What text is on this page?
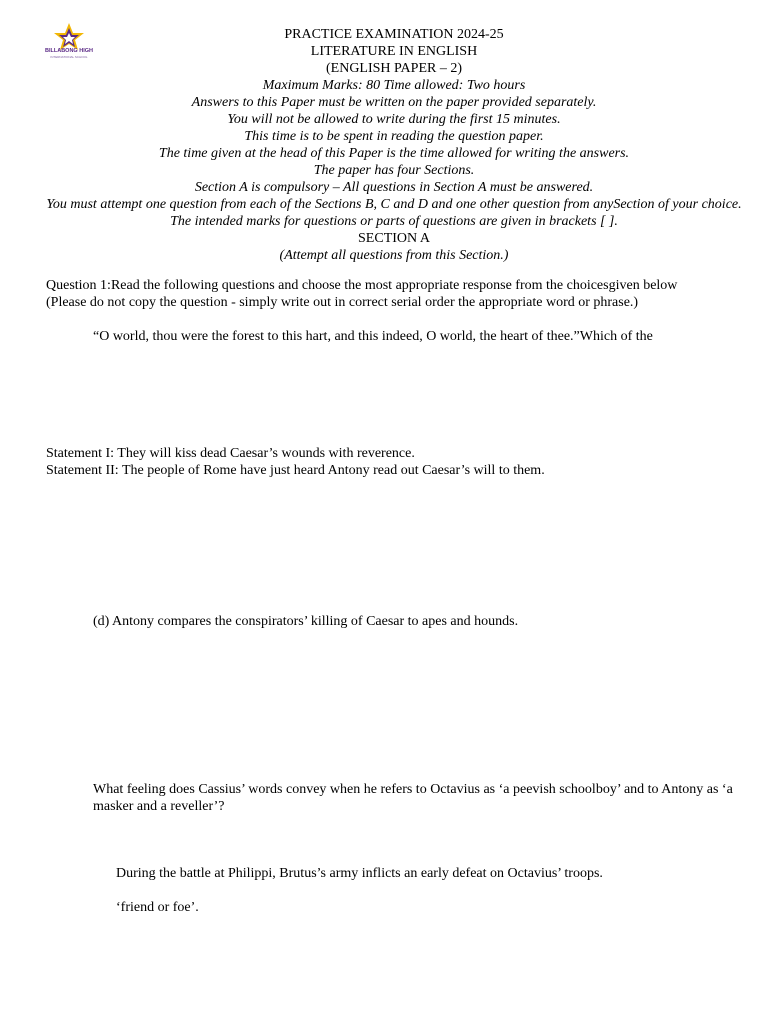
BILLABONG HIGH
INTERNATIONAL SCHOOL
PRACTICE EXAMINATION 2024-25
LITERATURE IN ENGLISH
(ENGLISH PAPER – 2)
Maximum Marks: 80 Time allowed: Two hours
Answers to this Paper must be written on the paper provided separately.
You will not be allowed to write during the first 15 minutes.
This time is to be spent in reading the question paper.
The time given at the head of this Paper is the time allowed for writing the answers.
The paper has four Sections.
Section A is compulsory – All questions in Section A must be answered.
You must attempt one question from each of the Sections B, C and D and one other question from anySection of your choice.
The intended marks for questions or parts of questions are given in brackets [ ].
SECTION A
(Attempt all questions from this Section.)
Question 1:Read the following questions and choose the most appropriate response from the choicesgiven below (Please do not copy the question - simply write out in correct serial order the appropriate word or phrase.)
“O world, thou were the forest to this hart, and this indeed, O world, the heart of thee.”Which of the
Statement I: They will kiss dead Caesar’s wounds with reverence.
Statement II: The people of Rome have just heard Antony read out Caesar’s will to them.
(d) Antony compares the conspirators’ killing of Caesar to apes and hounds.
What feeling does Cassius’ words convey when he refers to Octavius as ‘a peevish schoolboy’ and to Antony as ‘a masker and a reveller’?
During the battle at Philippi, Brutus’s army inflicts an early defeat on Octavius’ troops.
‘friend or foe’.
